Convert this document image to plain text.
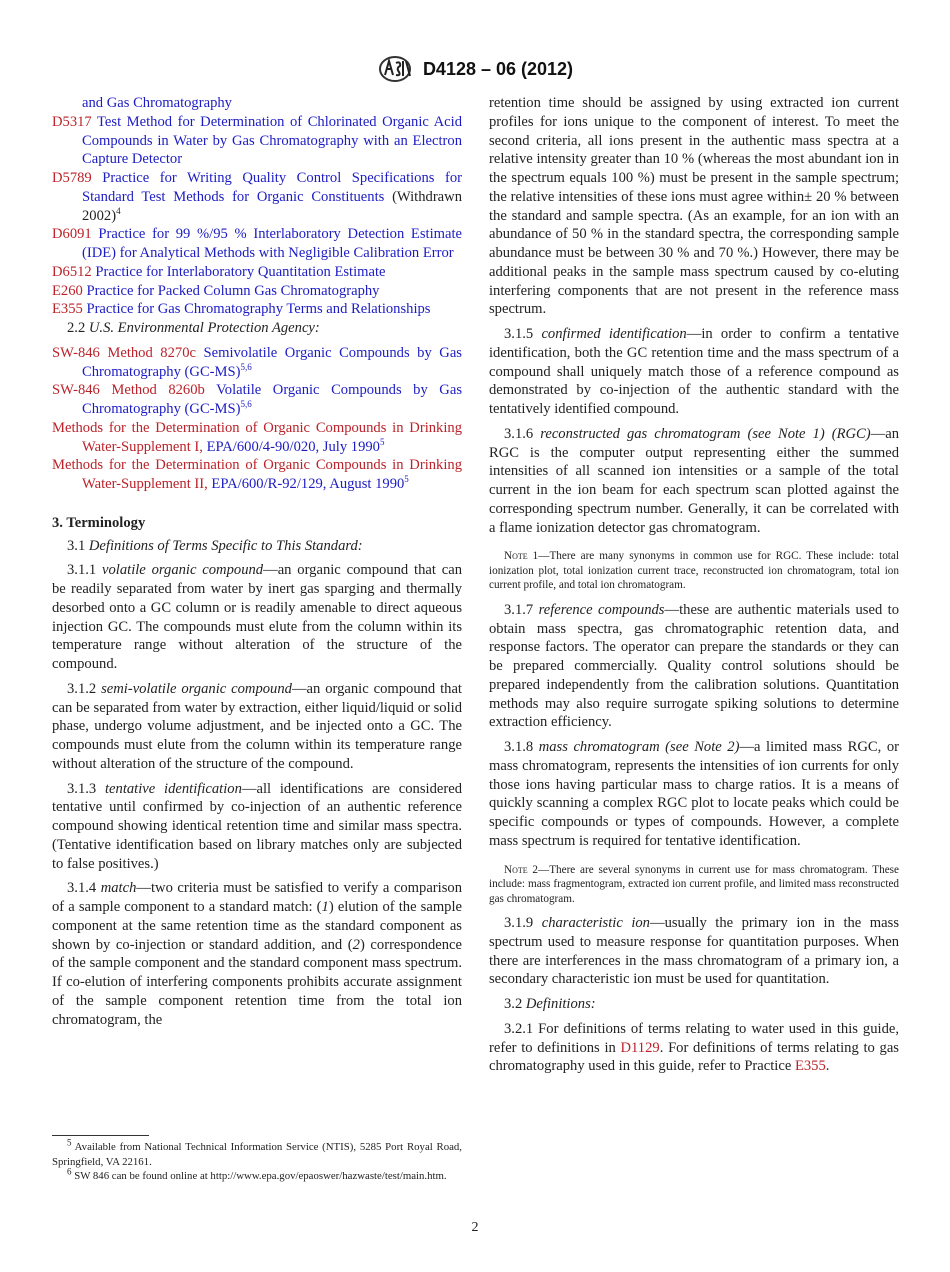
D4128 – 06 (2012)

and Gas Chromatography

D5317 Test Method for Determination of Chlorinated Organic Acid Compounds in Water by Gas Chromatography with an Electron Capture Detector

D5789 Practice for Writing Quality Control Specifications for Standard Test Methods for Organic Constituents (Withdrawn 2002)$^4$

D6091 Practice for 99 %/95 % Interlaboratory Detection Estimate (IDE) for Analytical Methods with Negligible Calibration Error

D6512 Practice for Interlaboratory Quantitation Estimate

E260 Practice for Packed Column Gas Chromatography

E355 Practice for Gas Chromatography Terms and Relationships

2.2 U.S. Environmental Protection Agency:

SW-846 Method 8270c Semivolatile Organic Compounds by Gas Chromatography $(GC-MS)^{5,6}$

SW-846 Method 8260b Volatile Organic Compounds by Gas Chromatography $(GC-MS)^{5,6}$

Methods for the Determination of Organic Compounds in Drinking Water-Supplement I, EPA/600/4-90/020, July 1990$^5$

Methods for the Determination of Organic Compounds in Drinking Water-Supplement II, EPA/600/R-92/129, August 1990$^5$

3. Terminology

3.1 Definitions of Terms Specific to This Standard:

3.1.1 volatile organic compound—an organic compound that can be readily separated from water by inert gas sparging and thermally desorbed onto a GC column or is readily amenable to direct aqueous injection GC. The compounds must elute from the column within its temperature range without alteration of the structure of the compound.

3.1.2 semi-volatile organic compound—an organic compound that can be separated from water by extraction, either liquid/liquid or solid phase, undergo volume adjustment, and be injected onto a GC. The compounds must elute from the column within its temperature range without alteration of the structure of the compound.

3.1.3 tentative identification—all identifications are considered tentative until confirmed by co-injection of an authentic reference compound showing identical retention time and similar mass spectra. (Tentative identification based on library matches only are subjected to false positives.)

3.1.4 match—two criteria must be satisfied to verify a comparison of a sample component to a standard match: (1) elution of the sample component at the same retention time as the standard component as shown by co-injection or standard addition, and (2) correspondence of the sample component and the standard component mass spectrum. If co-elution of interfering components prohibits accurate assignment of the sample component retention time from the total ion chromatogram, the

retention time should be assigned by using extracted ion current profiles for ions unique to the component of interest. To meet the second criteria, all ions present in the authentic mass spectra at a relative intensity greater than 10 % (whereas the most abundant ion in the spectrum equals 100 %) must be present in the sample spectrum; the relative intensities of these ions must agree within± 20 % between the standard and sample spectra. (As an example, for an ion with an abundance of 50 % in the standard spectra, the corresponding sample abundance must be between 30 % and 70 %.) However, there may be additional peaks in the sample mass spectrum caused by co-eluting interfering components that are not present in the reference mass spectrum.

3.1.5 confirmed identification—in order to confirm a tentative identification, both the GC retention time and the mass spectrum of a compound shall uniquely match those of a reference compound as demonstrated by co-injection of the authentic standard with the tentatively identified compound.

3.1.6 reconstructed gas chromatogram (see Note 1) (RGC)—an RGC is the computer output representing either the summed intensities of all scanned ion intensities or a sample of the total current in the ion beam for each spectrum scan plotted against the corresponding spectrum number. Generally, it can be correlated with a flame ionization detector gas chromatogram.

Note 1—There are many synonyms in common use for RGC. These include: total ionization plot, total ionization current trace, reconstructed ion chromatogram, total ion current profile, and total ion chromatogram.

3.1.7 reference compounds—these are authentic materials used to obtain mass spectra, gas chromatographic retention data, and response factors. The operator can prepare the standards or they can be prepared commercially. Quality control solutions should be prepared independently from the calibration solutions. Quantitation methods may also require surrogate spiking solutions to determine extraction efficiency.

3.1.8 mass chromatogram (see Note 2)—a limited mass RGC, or mass chromatogram, represents the intensities of ion currents for only those ions having particular mass to charge ratios. It is a means of quickly scanning a complex RGC plot to locate peaks which could be specific compounds or types of compounds. However, a complete mass spectrum is required for tentative identification.

Note 2—There are several synonyms in current use for mass chromatogram. These include: mass fragmentogram, extracted ion current profile, and limited mass reconstructed gas chromatogram.

3.1.9 characteristic ion—usually the primary ion in the mass spectrum used to measure response for quantitation purposes. When there are interferences in the mass chromatogram of a primary ion, a secondary characteristic ion must be used for quantitation.

3.2 Definitions:

3.2.1 For definitions of terms relating to water used in this guide, refer to definitions in D1129. For definitions of terms relating to gas chromatography used in this guide, refer to Practice E355.

$^5$ Available from National Technical Information Service (NTIS), 5285 Port Royal Road, Springfield, VA 22161.

$^6$ SW 846 can be found online at http://www.epa.gov/epaoswer/hazwaste/test/main.htm.

2
